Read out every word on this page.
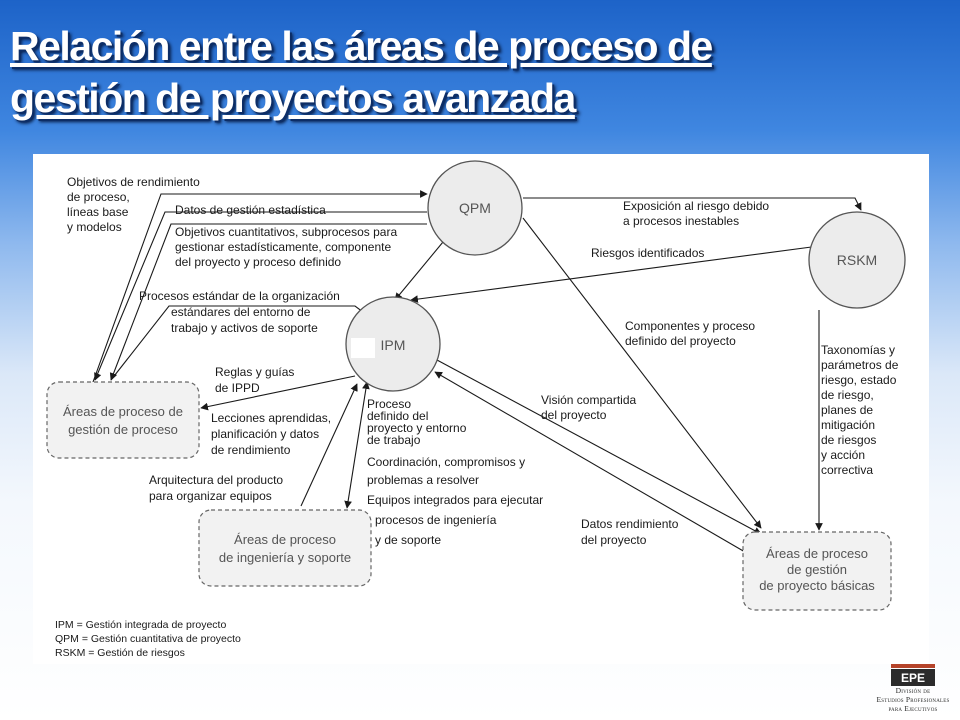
Relación entre las áreas de proceso de
gestión de proyectos avanzada
QPM
RSKM
IPM
Áreas de proceso de
gestión de proceso
Áreas de proceso
de ingeniería y soporte	Áreas de proceso
de gestión
de proyecto básicas
Objetivos de rendimiento
de proceso,
líneas base
y modelos
Datos de gestión estadística
Objetivos cuantitativos, subprocesos para
gestionar estadísticamente, componente
del proyecto y proceso definido
Procesos estándar de la organización
estándares del entorno de
trabajo y activos de soporte
Reglas y guías
de IPPD
Lecciones aprendidas,
planificación y datos
de rendimiento
Arquitectura del producto
para organizar equipos
Exposición al riesgo debido
a procesos inestables
Riesgos identificados
Componentes y proceso
definido del proyecto
Visión compartida
del proyecto
Proceso
definido del
proyecto y entorno
de trabajo
Coordinación, compromisos y
problemas a resolver
Equipos integrados para ejecutar
procesos de ingeniería
y de soporte
Datos rendimiento
del proyecto
Taxonomías y
parámetros de
riesgo, estado
de riesgo,
planes de
mitigación
de riesgos
y acción
correctiva
IPM = Gestión integrada de proyecto
QPM = Gestión cuantitativa de proyecto
RSKM = Gestión de riesgos
EPE
División de
Estudios Profesionales
para Ejecutivos
